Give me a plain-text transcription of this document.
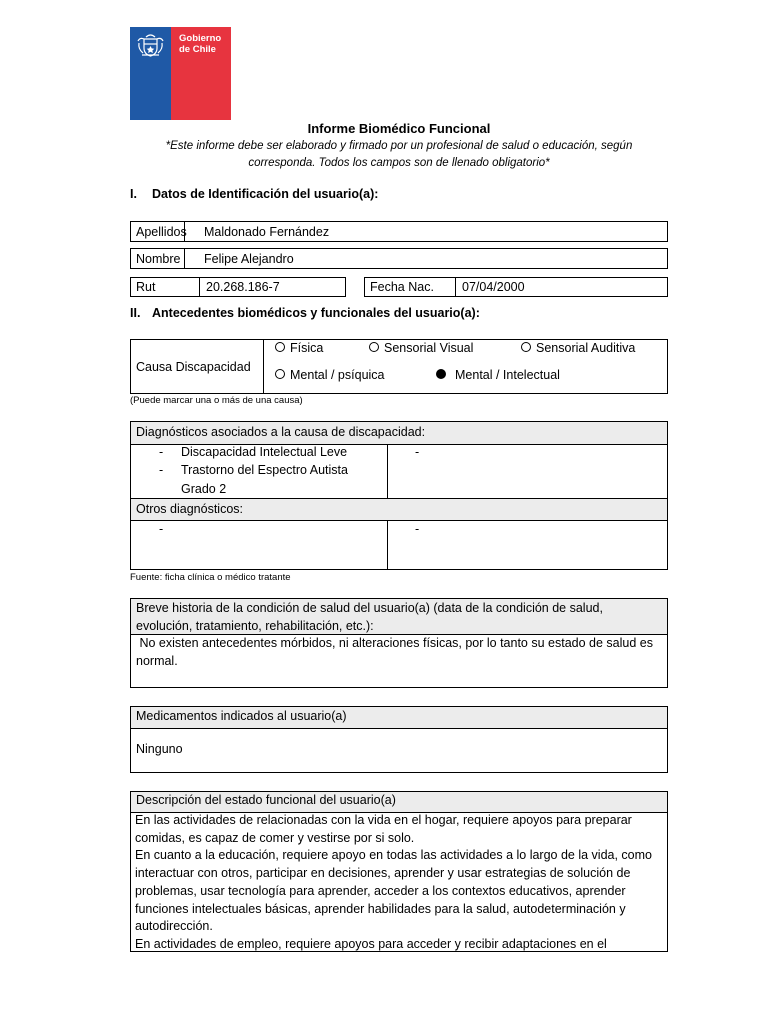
Gobierno
de Chile
Informe Biomédico Funcional
*Este informe debe ser elaborado y firmado por un profesional de salud o educación, según corresponda. Todos los campos son de llenado obligatorio*
I. Datos de Identificación del usuario(a):
Apellidos	Maldonado Fernández
Nombre	Felipe Alejandro
Rut	20.268.186-7	Fecha Nac.	07/04/2000
II. Antecedentes biomédicos y funcionales del usuario(a):
Causa Discapacidad
Física	Sensorial Visual	Sensorial Auditiva
Mental / psíquica	Mental / Intelectual
(Puede marcar una o más de una causa)
Diagnósticos asociados a la causa de discapacidad:
- Discapacidad Intelectual Leve
- Trastorno del Espectro Autista
Grado 2
-
Otros diagnósticos:
-	-
Fuente: ficha clínica o médico tratante
Breve historia de la condición de salud del usuario(a) (data de la condición de salud,
evolución, tratamiento, rehabilitación, etc.):
No existen antecedentes mórbidos, ni alteraciones físicas, por lo tanto su estado de salud es
normal.
Medicamentos indicados al usuario(a)
Ninguno
Descripción del estado funcional del usuario(a)
En las actividades de relacionadas con la vida en el hogar, requiere apoyos para preparar
comidas, es capaz de comer y vestirse por si solo.
En cuanto a la educación, requiere apoyo en todas las actividades a lo largo de la vida, como
interactuar con otros, participar en decisiones, aprender y usar estrategias de solución de
problemas, usar tecnología para aprender, acceder a los contextos educativos, aprender
funciones intelectuales básicas, aprender habilidades para la salud, autodeterminación y
autodirección.
En actividades de empleo, requiere apoyos para acceder y recibir adaptaciones en el
